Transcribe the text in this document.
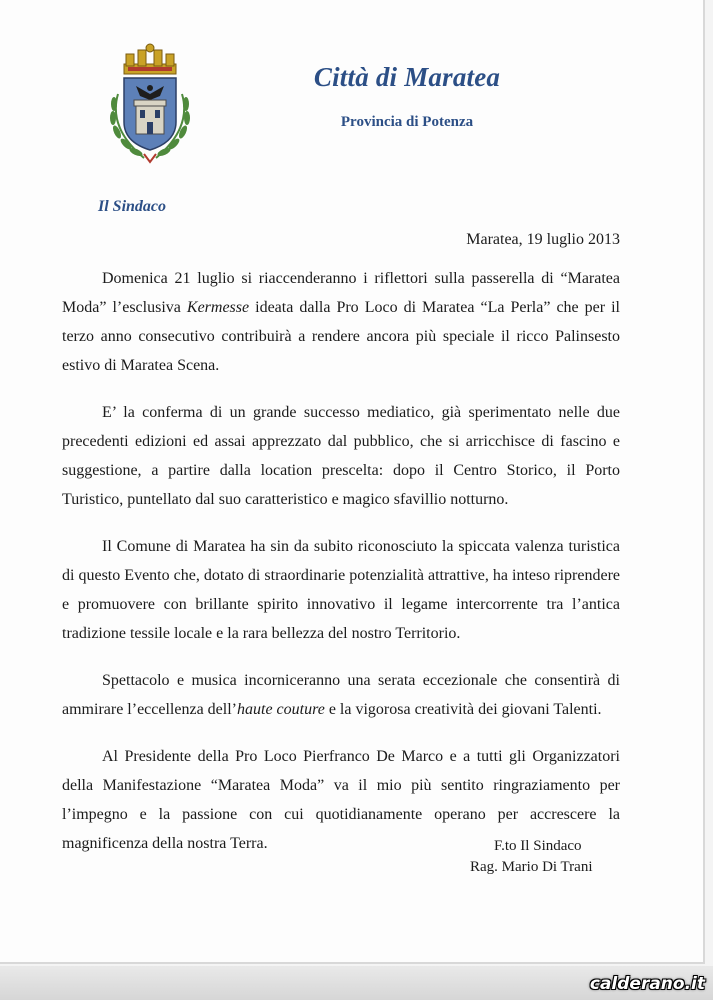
Città di Maratea
Provincia di Potenza
Il Sindaco
Maratea, 19 luglio 2013

Domenica 21 luglio si riaccenderanno i riflettori sulla passerella di “Maratea Moda” l’esclusiva Kermesse ideata dalla Pro Loco di Maratea “La Perla” che per il terzo anno consecutivo contribuirà a rendere ancora più speciale il ricco Palinsesto estivo di Maratea Scena.

E’ la conferma di un grande successo mediatico, già sperimentato nelle due precedenti edizioni ed assai apprezzato dal pubblico, che si arricchisce di fascino e suggestione, a partire dalla location prescelta: dopo il Centro Storico, il Porto Turistico, puntellato dal suo caratteristico e magico sfavillio notturno.

Il Comune di Maratea ha sin da subito riconosciuto la spiccata valenza turistica di questo Evento che, dotato di straordinarie potenzialità attrattive, ha inteso riprendere e promuovere con brillante spirito innovativo il legame intercorrente tra l’antica tradizione tessile locale e la rara bellezza del nostro Territorio.

Spettacolo e musica incorniceranno una serata eccezionale che consentirà di ammirare l’eccellenza dell’haute couture e la vigorosa creatività dei giovani Talenti.

Al Presidente della Pro Loco Pierfranco De Marco e a tutti gli Organizzatori della Manifestazione “Maratea Moda” va il mio più sentito ringraziamento per l’impegno e la passione con cui quotidianamente operano per accrescere la magnificenza della nostra Terra.	F.to Il Sindaco
Rag. Mario Di Trani
calderano.it
